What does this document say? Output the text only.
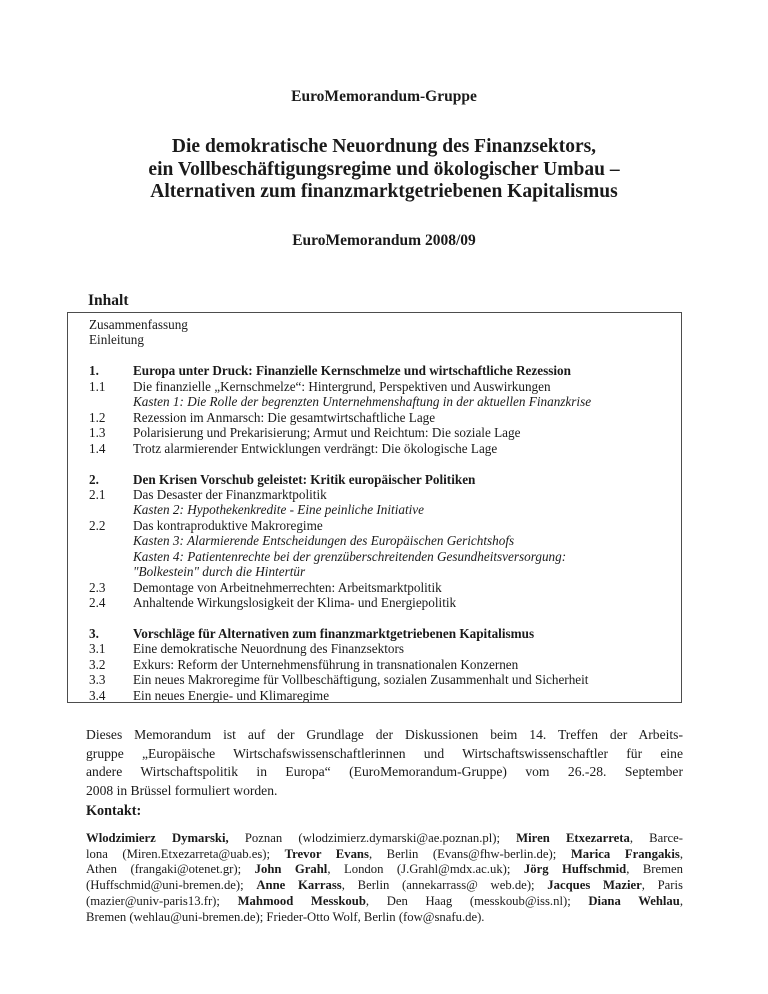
EuroMemorandum-Gruppe
Die demokratische Neuordnung des Finanzsektors,
ein Vollbeschäftigungsregime und ökologischer Umbau –
Alternativen zum finanzmarktgetriebenen Kapitalismus
EuroMemorandum 2008/09
Inhalt
Zusammenfassung
Einleitung
1.	Europa unter Druck: Finanzielle Kernschmelze und wirtschaftliche Rezession
1.1	Die finanzielle „Kernschmelze“: Hintergrund, Perspektiven und Auswirkungen
Kasten 1: Die Rolle der begrenzten Unternehmenshaftung in der aktuellen Finanzkrise
1.2	Rezession im Anmarsch: Die gesamtwirtschaftliche Lage
1.3	Polarisierung und Prekarisierung; Armut und Reichtum: Die soziale Lage
1.4	Trotz alarmierender Entwicklungen verdrängt: Die ökologische Lage
2.	Den Krisen Vorschub geleistet: Kritik europäischer Politiken
2.1	Das Desaster der Finanzmarktpolitik
Kasten 2: Hypothekenkredite - Eine peinliche Initiative
2.2	Das kontraproduktive Makroregime
Kasten 3: Alarmierende Entscheidungen des Europäischen Gerichtshofs
Kasten 4: Patientenrechte bei der grenzüberschreitenden Gesundheitsversorgung:
"Bolkestein" durch die Hintertür
2.3	Demontage von Arbeitnehmerrechten: Arbeitsmarktpolitik
2.4	Anhaltende Wirkungslosigkeit der Klima- und Energiepolitik
3.	Vorschläge für Alternativen zum finanzmarktgetriebenen Kapitalismus
3.1	Eine demokratische Neuordnung des Finanzsektors
3.2	Exkurs: Reform der Unternehmensführung in transnationalen Konzernen
3.3	Ein neues Makroregime für Vollbeschäftigung, sozialen Zusammenhalt und Sicherheit
3.4	Ein neues Energie- und Klimaregime
Dieses Memorandum ist auf der Grundlage der Diskussionen beim 14. Treffen der Arbeits-
gruppe „Europäische Wirtschafswissenschaftlerinnen und Wirtschaftswissenschaftler für eine
andere Wirtschaftspolitik in Europa“ (EuroMemorandum-Gruppe) vom 26.-28. September
2008 in Brüssel formuliert worden.
Kontakt:
Wlodzimierz Dymarski, Poznan (wlodzimierz.dymarski@ae.poznan.pl); Miren Etxezarreta, Barce-
lona (Miren.Etxezarreta@uab.es); Trevor Evans, Berlin (Evans@fhw-berlin.de); Marica Frangakis,
Athen (frangaki@otenet.gr); John Grahl, London (J.Grahl@mdx.ac.uk); Jörg Huffschmid, Bremen
(Huffschmid@uni-bremen.de); Anne Karrass, Berlin (annekarrass@ web.de); Jacques Mazier, Paris
(mazier@univ-paris13.fr); Mahmood Messkoub, Den Haag (messkoub@iss.nl); Diana Wehlau,
Bremen (wehlau@uni-bremen.de); Frieder-Otto Wolf, Berlin (fow@snafu.de).
